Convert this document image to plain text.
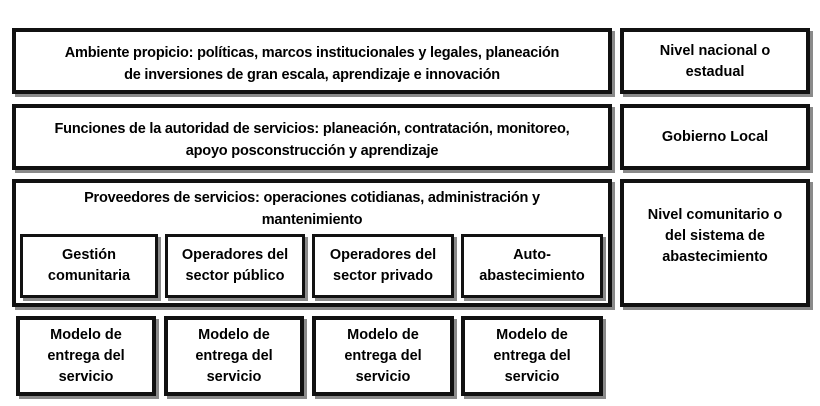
Ambiente propicio: políticas, marcos institucionales y legales, planeación de inversiones de gran escala, aprendizaje e innovación
Nivel nacional o estadual
Funciones de la autoridad de servicios: planeación, contratación, monitoreo, apoyo posconstrucción y aprendizaje
Gobierno Local
Proveedores de servicios: operaciones cotidianas, administración y mantenimiento	Nivel comunitario o del sistema de abastecimiento
Gestión comunitaria
Operadores del sector público
Operadores del sector privado
Auto-abastecimiento
Modelo de entrega del servicio
Modelo de entrega del servicio
Modelo de entrega del servicio
Modelo de entrega del servicio
